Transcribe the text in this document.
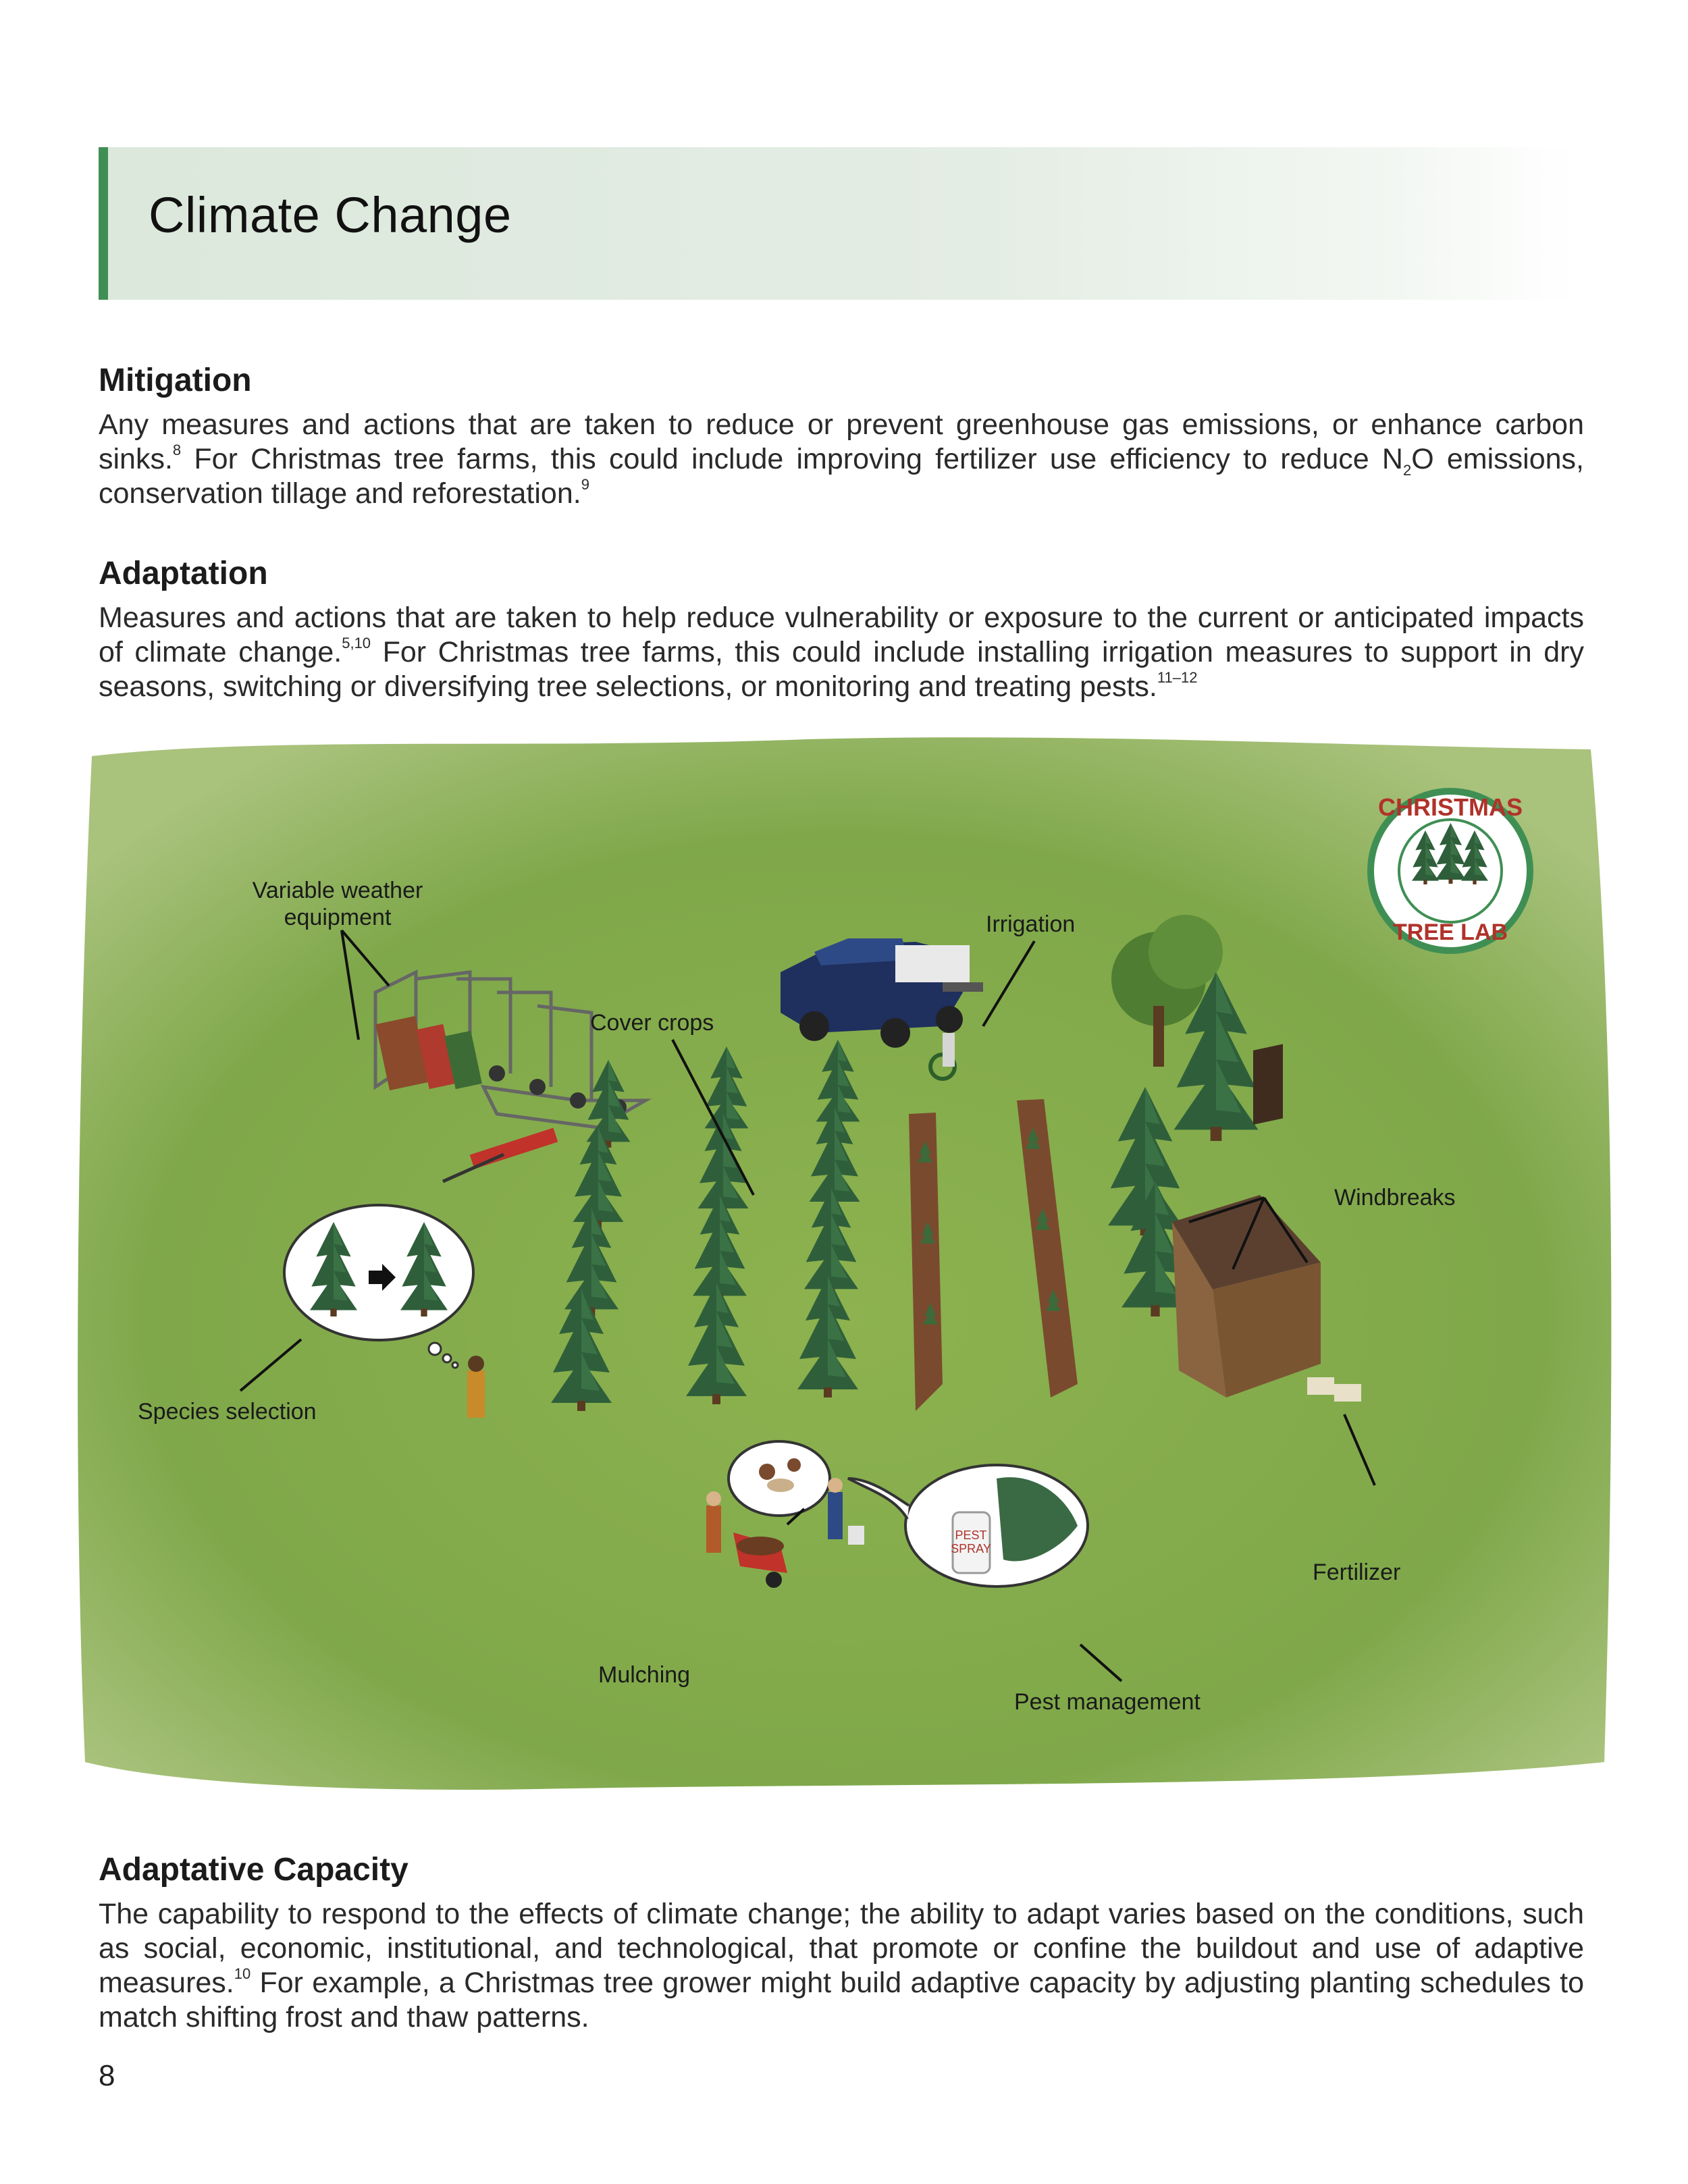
Climate Change
Mitigation

Any measures and actions that are taken to reduce or prevent greenhouse gas emissions, or enhance carbon sinks.$^8$ For Christmas tree farms, this could include improving fertilizer use efficiency to reduce $N_2O$ emissions, conservation tillage and reforestation.$^9$

Adaptation

Measures and actions that are taken to help reduce vulnerability or exposure to the current or anticipated impacts of climate change.$^{5,10}$ For Christmas tree farms, this could include installing irrigation measures to support in dry seasons, switching or diversifying tree selections, or monitoring and treating pests.$^{11-12}$

PEST
SPRAY
CHRISTMAS
TREE LAB
Variable weather
equipment	Irrigation
Cover crops
Windbreaks
Species selection
Fertilizer
Mulching
Pest management
Adaptative Capacity

The capability to respond to the effects of climate change; the ability to adapt varies based on the conditions, such as social, economic, institutional, and technological, that promote or confine the buildout and use of adaptive measures.$^{10}$ For example, a Christmas tree grower might build adaptive capacity by adjusting planting schedules to match shifting frost and thaw patterns.

8
